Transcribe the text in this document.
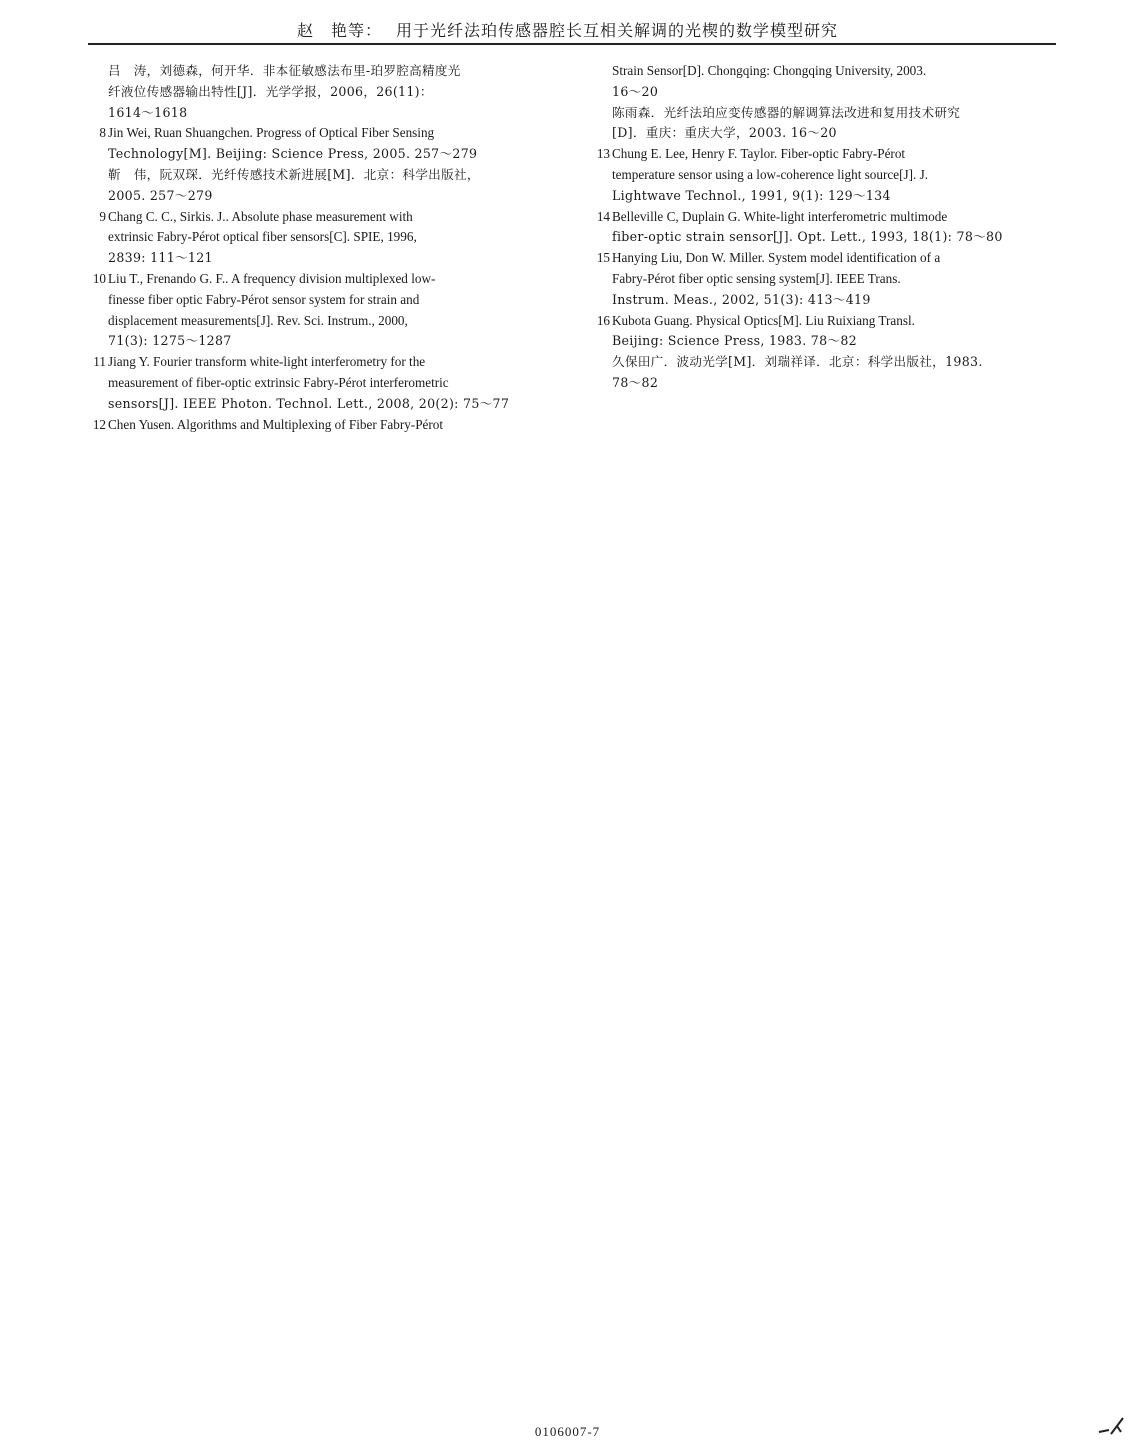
赵　艳等： 用于光纤法珀传感器腔长互相关解调的光楔的数学模型研究
吕　涛，刘德森，何开华．非本征敏感法布里-珀罗腔高精度光
纤液位传感器输出特性[J]．光学学报，2006，26(11)：
1614～1618
8 Jin Wei, Ruan Shuangchen. Progress of Optical Fiber Sensing
Technology[M]. Beijing: Science Press, 2005. 257～279
靳　伟，阮双琛．光纤传感技术新进展[M]．北京：科学出版社，
2005. 257～279
9 Chang C. C., Sirkis. J.. Absolute phase measurement with
extrinsic Fabry-Pérot optical fiber sensors[C]. SPIE, 1996,
2839: 111～121
10 Liu T., Frenando G. F.. A frequency division multiplexed low-
finesse fiber optic Fabry-Pérot sensor system for strain and
displacement measurements[J]. Rev. Sci. Instrum., 2000,
71(3): 1275～1287
11 Jiang Y. Fourier transform white-light interferometry for the
measurement of fiber-optic extrinsic Fabry-Pérot interferometric
sensors[J]. IEEE Photon. Technol. Lett., 2008, 20(2): 75～77
12 Chen Yusen. Algorithms and Multiplexing of Fiber Fabry-Pérot
Strain Sensor[D]. Chongqing: Chongqing University, 2003.
16～20
陈雨森．光纤法珀应变传感器的解调算法改进和复用技术研究
[D]．重庆：重庆大学，2003. 16～20
13 Chung E. Lee, Henry F. Taylor. Fiber-optic Fabry-Pérot
temperature sensor using a low-coherence light source[J]. J.
Lightwave Technol., 1991, 9(1): 129～134
14 Belleville C, Duplain G. White-light interferometric multimode
fiber-optic strain sensor[J]. Opt. Lett., 1993, 18(1): 78～80
15 Hanying Liu, Don W. Miller. System model identification of a
Fabry-Pérot fiber optic sensing system[J]. IEEE Trans.
Instrum. Meas., 2002, 51(3): 413～419
16 Kubota Guang. Physical Optics[M]. Liu Ruixiang Transl.
Beijing: Science Press, 1983. 78～82
久保田广．波动光学[M]．刘瑞祥译．北京：科学出版社，1983.
78～82
0106007-7
